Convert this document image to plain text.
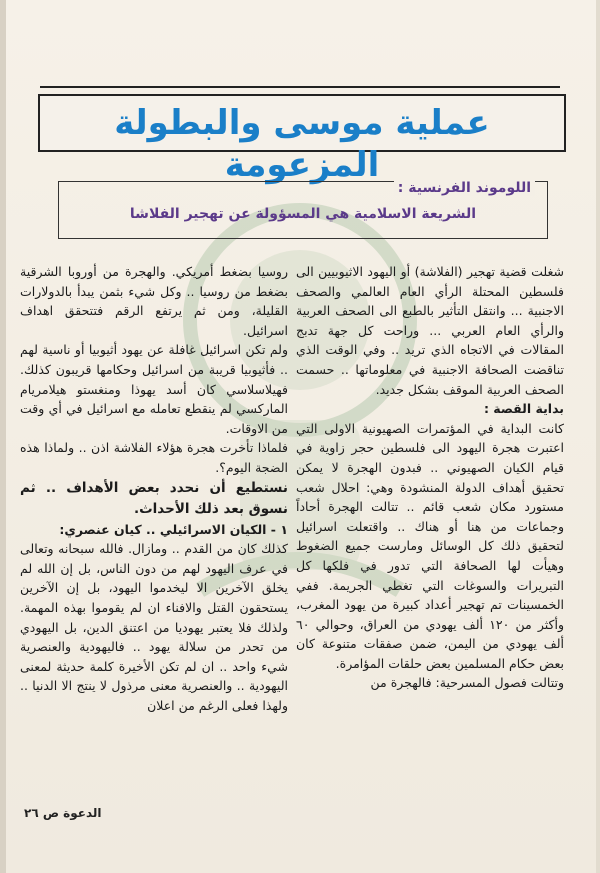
عملية موسى والبطولة المزعومة
اللوموند الفرنسية :
الشريعة الاسلامية هي المسؤولة عن تهجير الفلاشا

شغلت قضية تهجير (الفلاشة) أو اليهود الاثيوبيين الى فلسطين المحتلة الرأي العام العالمي والصحف الاجنبية ... وانتقل التأثير بالطبع الى الصحف العربية والرأي العام العربي ... وراحت كل جهة تدبج المقالات في الاتجاه الذي تريد .. وفي الوقت الذي تناقضت الصحافة الاجنبية في معلوماتها .. حسمت الصحف العربية الموقف بشكل جديد.

بداية القصة :

كانت البداية في المؤتمرات الصهيونية الاولى التي اعتبرت هجرة اليهود الى فلسطين حجر زاوية في قيام الكيان الصهيوني .. فبدون الهجرة لا يمكن تحقيق أهداف الدولة المنشودة وهي: احلال شعب مستورد مكان شعب قائم .. تتالت الهجرة أحاداً وجماعات من هنا أو هناك .. واقتعلت اسرائيل لتحقيق ذلك كل الوسائل ومارست جميع الضغوط وهيأت لها الصحافة التي تدور في فلكها كل التبريرات والسوغات التي تغطي الجريمة. ففي الخمسينات تم تهجير أعداد كبيرة من يهود المغرب، وأكثر من ١٢٠ ألف يهودي من العراق، وحوالي ٦٠ ألف يهودي من اليمن، ضمن صفقات متنوعة كان بعض حكام المسلمين بعض حلقات المؤامرة.

وتتالت فصول المسرحية: فالهجرة من

روسيا بضغط أمريكي. والهجرة من أوروبا الشرقية بضغط من روسيا .. وكل شيء بثمن يبدأ بالدولارات القليلة، ومن ثم يرتفع الرقم فتتحقق اهداف اسرائيل.

ولم تكن اسرائيل غافلة عن يهود أثيوبيا أو ناسية لهم .. فأثيوبيا قريبة من اسرائيل وحكامها قريبون كذلك. فهيلاسلاسي كان أسد يهوذا ومنغستو هيلامريام الماركسي لم ينقطع تعامله مع اسرائيل في أي وقت من الاوقات.

فلماذا تأخرت هجرة هؤلاء الفلاشة اذن .. ولماذا هذه الضجة اليوم؟.

نستطيع أن نحدد بعض الأهداف .. ثم نسوق بعد ذلك الأحداث.

١ - الكيان الاسرائيلي .. كيان عنصري:

كذلك كان من القدم .. ومازال. فالله سبحانه وتعالى في عرف اليهود لهم من دون الناس، بل إن الله لم يخلق الآخرين الا ليخدموا اليهود، بل إن الآخرين يستحقون القتل والافناء ان لم يقوموا بهذه المهمة. ولذلك فلا يعتبر يهوديا من اعتنق الدين، بل اليهودي من تحدر من سلالة يهود .. فاليهودية والعنصرية شيء واحد .. ان لم تكن الأخيرة كلمة حديثة لمعنى اليهودية .. والعنصرية معنى مرذول لا ينتج الا الدنيا .. ولهذا فعلى الرغم من اعلان

الدعوة ص ٢٦
